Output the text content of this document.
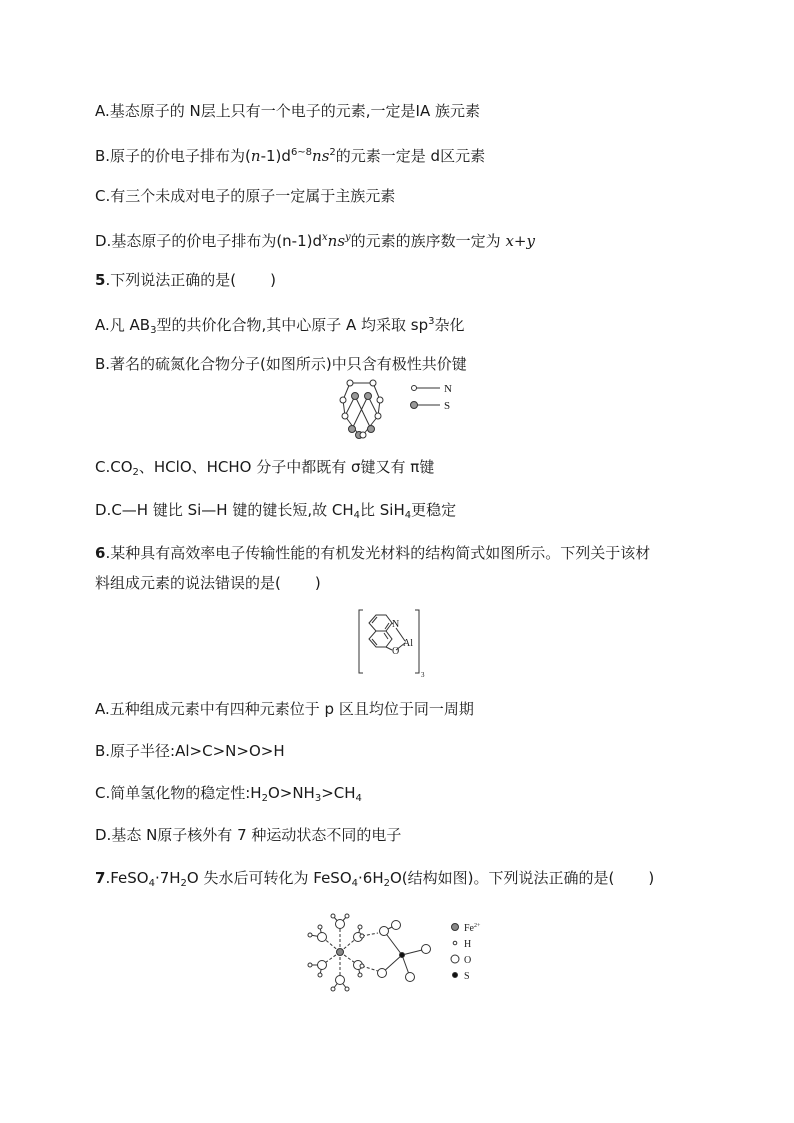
A.基态原子的 N层上只有一个电子的元素,一定是ⅠA 族元素
B.原子的价电子排布为$(n-1)d^{6\sim 8}ns^2$的元素一定是 d区元素
C.有三个未成对电子的原子一定属于主族元素
D.基态原子的价电子排布为$(n-1)d^xns^y$的元素的族序数一定为 x+y
5.下列说法正确的是( )
A.凡 $AB_3$型的共价化合物,其中心原子 A 均采取 $sp^3$杂化
B.著名的硫氮化合物分子(如图所示)中只含有极性共价键
N
S
$C.CO_2$、HClO、HCHO 分子中都既有 σ键又有 π键
D.C—H 键比 Si—H 键的键长短,故 $CH_4$比 SiH$_4$更稳定
6.某种具有高效率电子传输性能的有机发光材料的结构简式如图所示。下列关于该材
料组成元素的说法错误的是( )
N
O
Al
3
A.五种组成元素中有四种元素位于 p 区且均位于同一周期
B.原子半径:Al>C>N>O>H
C.简单氢化物的稳定性$:H_2O>NH_3>CH_4$
D.基态 N原子核外有 7 种运动状态不同的电子
$7.FeSO_4\cdot 7H_2O$ 失水后可转化为 $FeSO_4\cdot 6H_2O$(结构如图)。下列说法正确的是( )
$Fe^{2+}$
H
O
S
